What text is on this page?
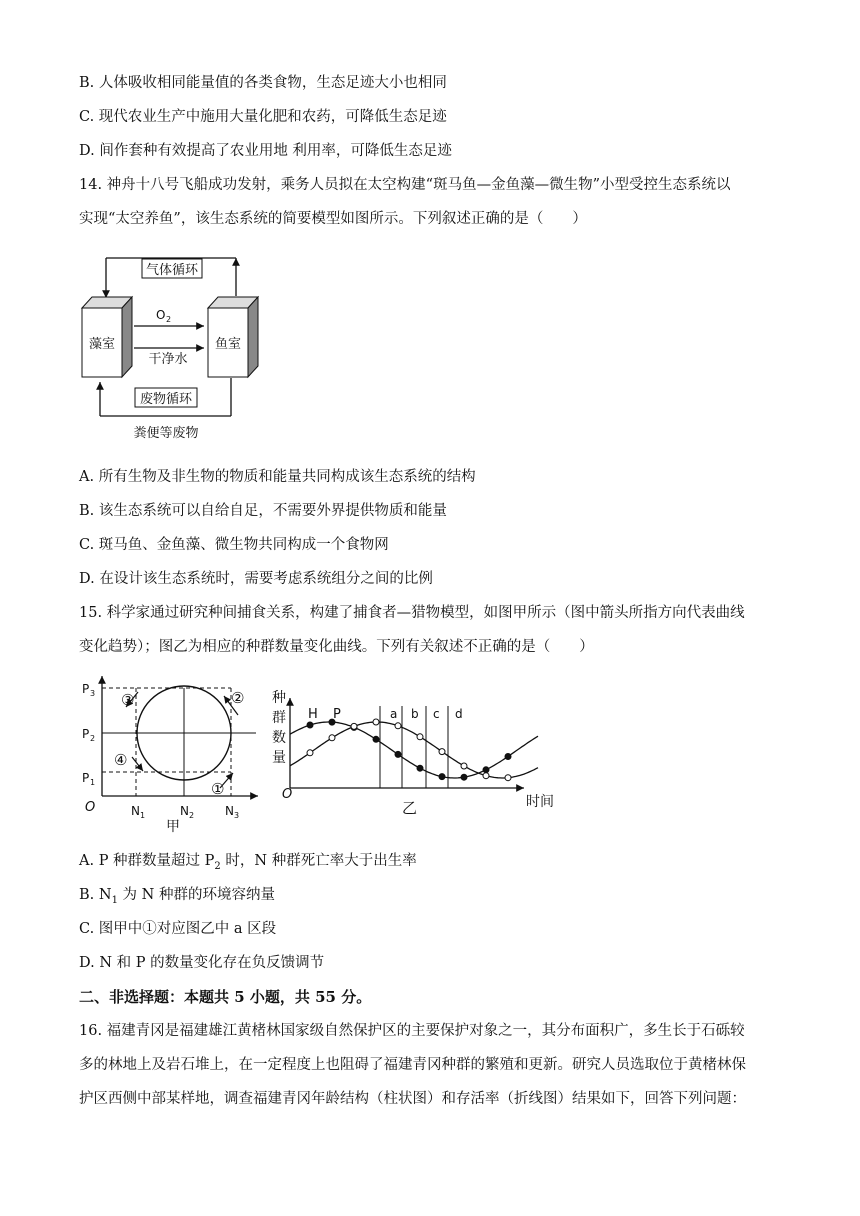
B. 人体吸收相同能量值的各类食物，生态足迹大小也相同
C. 现代农业生产中施用大量化肥和农药，可降低生态足迹
D. 间作套种有效提高了农业用地 利用率，可降低生态足迹
14. 神舟十八号飞船成功发射，乘务人员拟在太空构建“斑马鱼—金鱼藻—微生物”小型受控生态系统以
实现“太空养鱼”，该生态系统的简要模型如图所示。下列叙述正确的是（　　）
气体循环
藻室	鱼室
O 2
干净水
废物循环
粪便等废物
A. 所有生物及非生物的物质和能量共同构成该生态系统的结构
B. 该生态系统可以自给自足，不需要外界提供物质和能量
C. 斑马鱼、金鱼藻、微生物共同构成一个食物网
D. 在设计该生态系统时，需要考虑系统组分之间的比例
15. 科学家通过研究种间捕食关系，构建了捕食者—猎物模型，如图甲所示（图中箭头所指方向代表曲线
变化趋势）；图乙为相应的种群数量变化曲线。下列有关叙述不正确的是（　　）
①
②
③
④
P 3
P 2
P 1
O	N 1	N 2	N 3
甲
种
群
数
量
O	时间
乙
a b c d
H P
A. P 种群数量超过 $P_2$ 时，N 种群死亡率大于出生率
B. $N_1$ 为 N 种群的环境容纳量
C. 图甲中①对应图乙中 a 区段
D. N 和 P 的数量变化存在负反馈调节
二、非选择题：本题共 5 小题，共 55 分。
16. 福建青冈是福建雄江黄楮林国家级自然保护区的主要保护对象之一，其分布面积广，多生长于石砾较
多的林地上及岩石堆上，在一定程度上也阻碍了福建青冈种群的繁殖和更新。研究人员选取位于黄楮林保
护区西侧中部某样地，调查福建青冈年龄结构（柱状图）和存活率（折线图）结果如下，回答下列问题：
